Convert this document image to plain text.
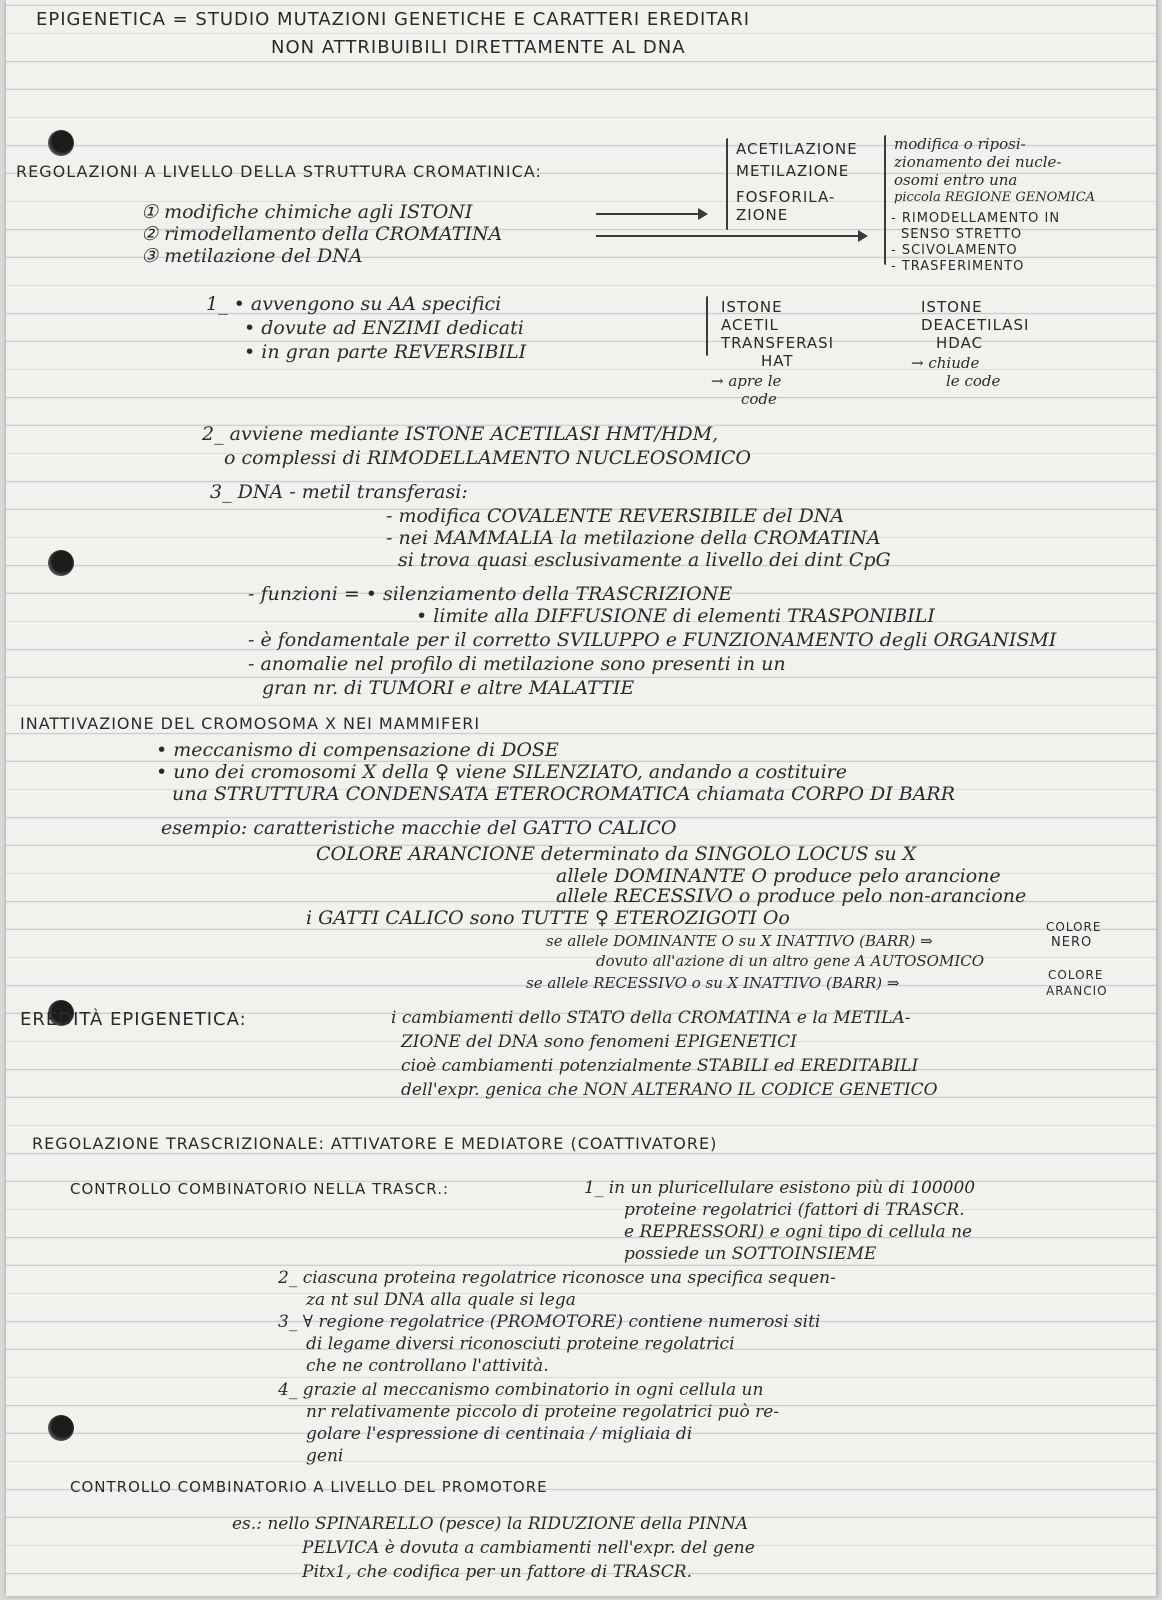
EPIGENETICA = STUDIO MUTAZIONI GENETICHE E CARATTERI EREDITARI
NON ATTRIBUIBILI DIRETTAMENTE AL DNA
REGOLAZIONI A LIVELLO DELLA STRUTTURA CROMATINICA:
① modifiche chimiche agli ISTONI
② rimodellamento della CROMATINA
③ metilazione del DNA
ACETILAZIONE
METILAZIONE
FOSFORILA-
ZIONE
modifica o riposi-
zionamento dei nucle-
osomi entro una
piccola REGIONE GENOMICA
- RIMODELLAMENTO IN
SENSO STRETTO
- SCIVOLAMENTO
- TRASFERIMENTO
1_ • avvengono su AA specifici
• dovute ad ENZIMI dedicati
• in gran parte REVERSIBILI
ISTONE
ACETIL
TRANSFERASI
HAT
→ apre le
code
ISTONE
DEACETILASI
HDAC
→ chiude
le code
2_ avviene mediante ISTONE ACETILASI HMT/HDM,
o complessi di RIMODELLAMENTO NUCLEOSOMICO
3_ DNA - metil transferasi:
- modifica COVALENTE REVERSIBILE del DNA
- nei MAMMALIA la metilazione della CROMATINA
si trova quasi esclusivamente a livello dei dint CpG
- funzioni = • silenziamento della TRASCRIZIONE
• limite alla DIFFUSIONE di elementi TRASPONIBILI
- è fondamentale per il corretto SVILUPPO e FUNZIONAMENTO degli ORGANISMI
- anomalie nel profilo di metilazione sono presenti in un
gran nr. di TUMORI e altre MALATTIE
INATTIVAZIONE DEL CROMOSOMA X NEI MAMMIFERI
• meccanismo di compensazione di DOSE
• uno dei cromosomi X della ♀ viene SILENZIATO, andando a costituire
una STRUTTURA CONDENSATA ETEROCROMATICA chiamata CORPO DI BARR
esempio: caratteristiche macchie del GATTO CALICO
COLORE ARANCIONE determinato da SINGOLO LOCUS su X
allele DOMINANTE O produce pelo arancione
allele RECESSIVO o produce pelo non-arancione
i GATTI CALICO sono TUTTE ♀ ETEROZIGOTI Oo
se allele DOMINANTE O su X INATTIVO (BARR) ⇒
dovuto all'azione di un altro gene A AUTOSOMICO
se allele RECESSIVO o su X INATTIVO (BARR) ⇒
COLORE
NERO
COLORE
ARANCIO
EREDITÀ EPIGENETICA:	i cambiamenti dello STATO della CROMATINA e la METILA-
ZIONE del DNA sono fenomeni EPIGENETICI
cioè cambiamenti potenzialmente STABILI ed EREDITABILI
dell'expr. genica che NON ALTERANO IL CODICE GENETICO
REGOLAZIONE TRASCRIZIONALE: ATTIVATORE E MEDIATORE (COATTIVATORE)
CONTROLLO COMBINATORIO NELLA TRASCR.:	1_ in un pluricellulare esistono più di 100000
proteine regolatrici (fattori di TRASCR.
e REPRESSORI) e ogni tipo di cellula ne
possiede un SOTTOINSIEME
2_ ciascuna proteina regolatrice riconosce una specifica sequen-
za nt sul DNA alla quale si lega
3_ ∀ regione regolatrice (PROMOTORE) contiene numerosi siti
di legame diversi riconosciuti proteine regolatrici
che ne controllano l'attività.
4_ grazie al meccanismo combinatorio in ogni cellula un
nr relativamente piccolo di proteine regolatrici può re-
golare l'espressione di centinaia / migliaia di
geni
CONTROLLO COMBINATORIO A LIVELLO DEL PROMOTORE
es.: nello SPINARELLO (pesce) la RIDUZIONE della PINNA
PELVICA è dovuta a cambiamenti nell'expr. del gene
Pitx1, che codifica per un fattore di TRASCR.
